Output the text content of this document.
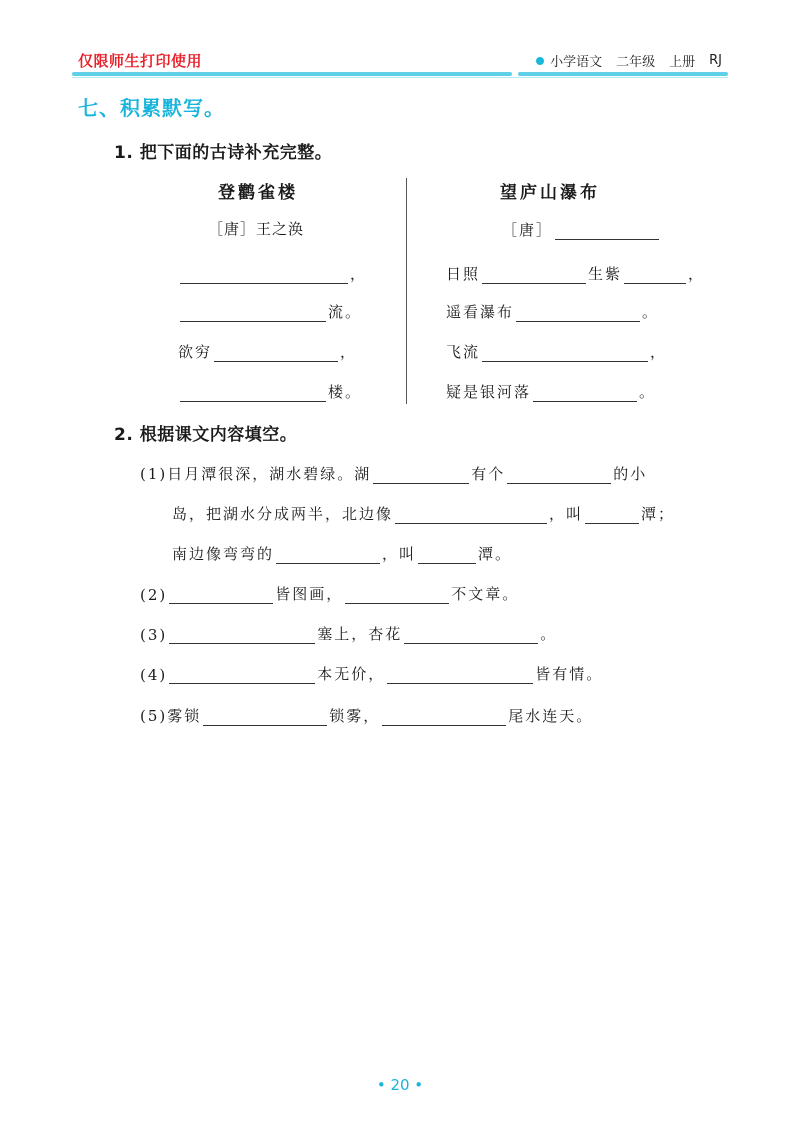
仅限师生打印使用	小学语文 二年级 上册 RJ
七、积累默写。
1. 把下面的古诗补充完整。
登鹳雀楼
［唐］王之涣
，
流。
欲穷	，
楼。
望庐山瀑布
［唐］
日照	生紫	，
遥看瀑布	。
飞流	，
疑是银河落	。
2. 根据课文内容填空。
(1)日月潭很深，湖水碧绿。湖	有个	的小
岛，把湖水分成两半，北边像	，叫	潭；
南边像弯弯的	，叫	潭。
(2)	皆图画，	不文章。
(3)	塞上，杏花	。
(4)	本无价，	皆有情。
(5)雾锁	锁雾，	尾水连天。
• 20 •
